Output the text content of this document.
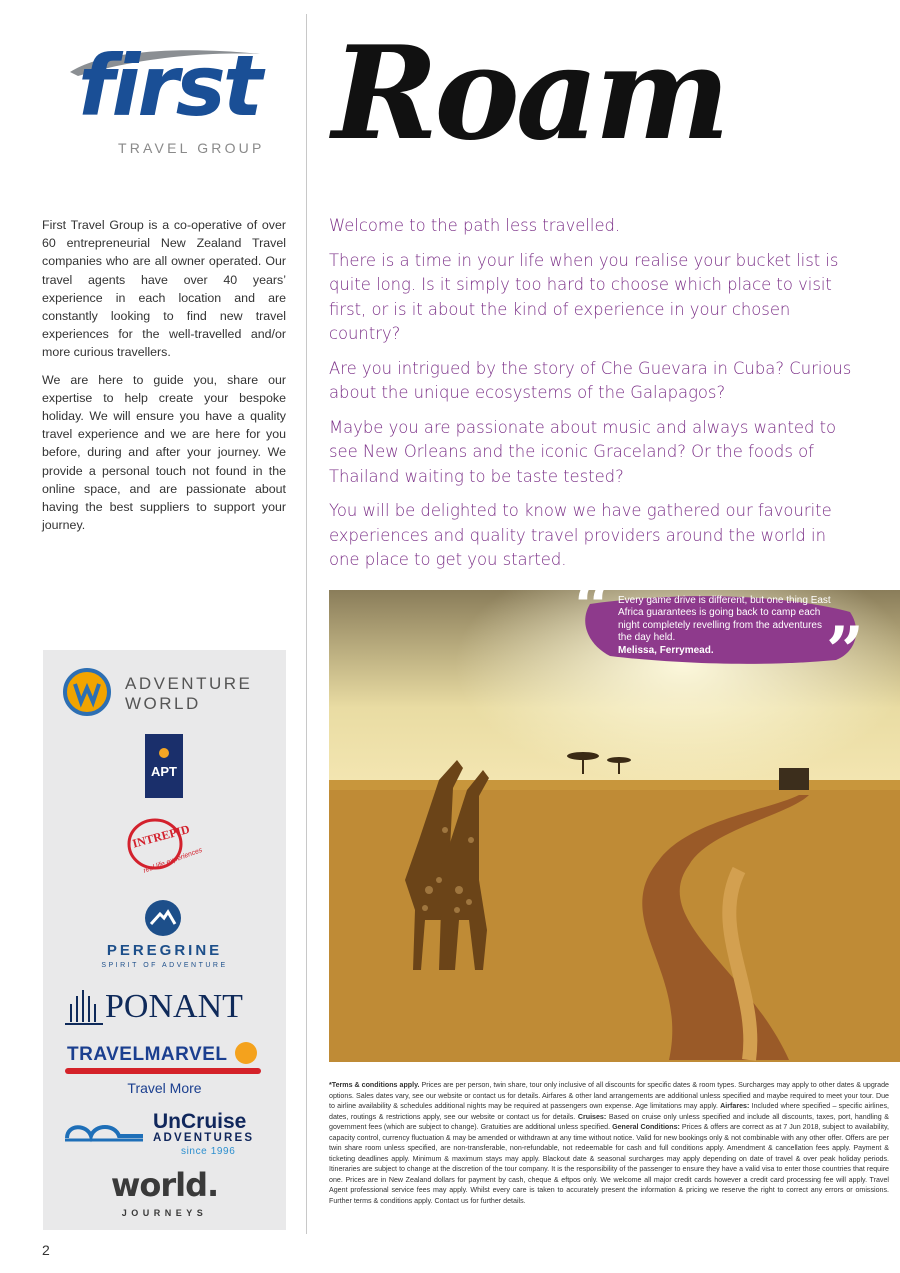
first
TRAVEL GROUP Roam

First Travel Group is a co-operative of over 60 entrepreneurial New Zealand Travel companies who are all owner operated. Our travel agents have over 40 years’ experience in each location and are constantly looking to find new travel experiences for the well-travelled and/or more curious travellers.

We are here to guide you, share our expertise to help create your bespoke holiday. We will ensure you have a quality travel experience and we are here for you before, during and after your journey. We provide a personal touch not found in the online space, and are passionate about having the best suppliers to support your journey.

Welcome to the path less travelled.

There is a time in your life when you realise your bucket list is quite long. Is it simply too hard to choose which place to visit first, or is it about the kind of experience in your chosen country?

Are you intrigued by the story of Che Guevara in Cuba? Curious about the unique ecosystems of the Galapagos?

Maybe you are passionate about music and always wanted to see New Orleans and the iconic Graceland? Or the foods of Thailand waiting to be taste tested?

You will be delighted to know we have gathered our favourite experiences and quality travel providers around the world in one place to get you started.

ADVENTURE
WORLD
APT
INTREPID
real life experiences
PEREGRINE
SPIRIT OF ADVENTURE
PONANT
TRAVELMARVEL
Travel More
UnCruise
ADVENTURES
since 1996
world.
JOURNEYS
“ Every game drive is different, but one thing East Africa guarantees is going back to camp each night completely revelling from the adventures the day held.
Melissa, Ferrymead.	”
*Terms & conditions apply. Prices are per person, twin share, tour only inclusive of all discounts for specific dates & room types. Surcharges may apply to other dates & upgrade options. Sales dates vary, see our website or contact us for details. Airfares & other land arrangements are additional unless specified and maybe required to meet your tour. Due to airline availability & schedules additional nights may be required at passengers own expense. Age limitations may apply. Airfares: Included where specified – specific airlines, dates, routings & restrictions apply, see our website or contact us for details. Cruises: Based on cruise only unless specified and include all discounts, taxes, port, handling & government fees (which are subject to change). Gratuities are additional unless specified. General Conditions: Prices & offers are correct as at 7 Jun 2018, subject to availability, capacity control, currency fluctuation & may be amended or withdrawn at any time without notice. Valid for new bookings only & not combinable with any other offer. Offers are per twin share room unless specified, are non-transferable, non-refundable, not redeemable for cash and full conditions apply. Amendment & cancellation fees apply. Payment & ticketing deadlines apply. Minimum & maximum stays may apply. Blackout date & seasonal surcharges may apply depending on date of travel & over peak holiday periods. Itineraries are subject to change at the discretion of the tour company. It is the responsibility of the passenger to ensure they have a valid visa to enter those countries that require one. Prices are in New Zealand dollars for payment by cash, cheque & eftpos only. We welcome all major credit cards however a credit card processing fee will apply. Travel Agent professional service fees may apply. Whilst every care is taken to accurately present the information & pricing we reserve the right to correct any errors or omissions. Further terms & conditions apply. Contact us for further details.
2
